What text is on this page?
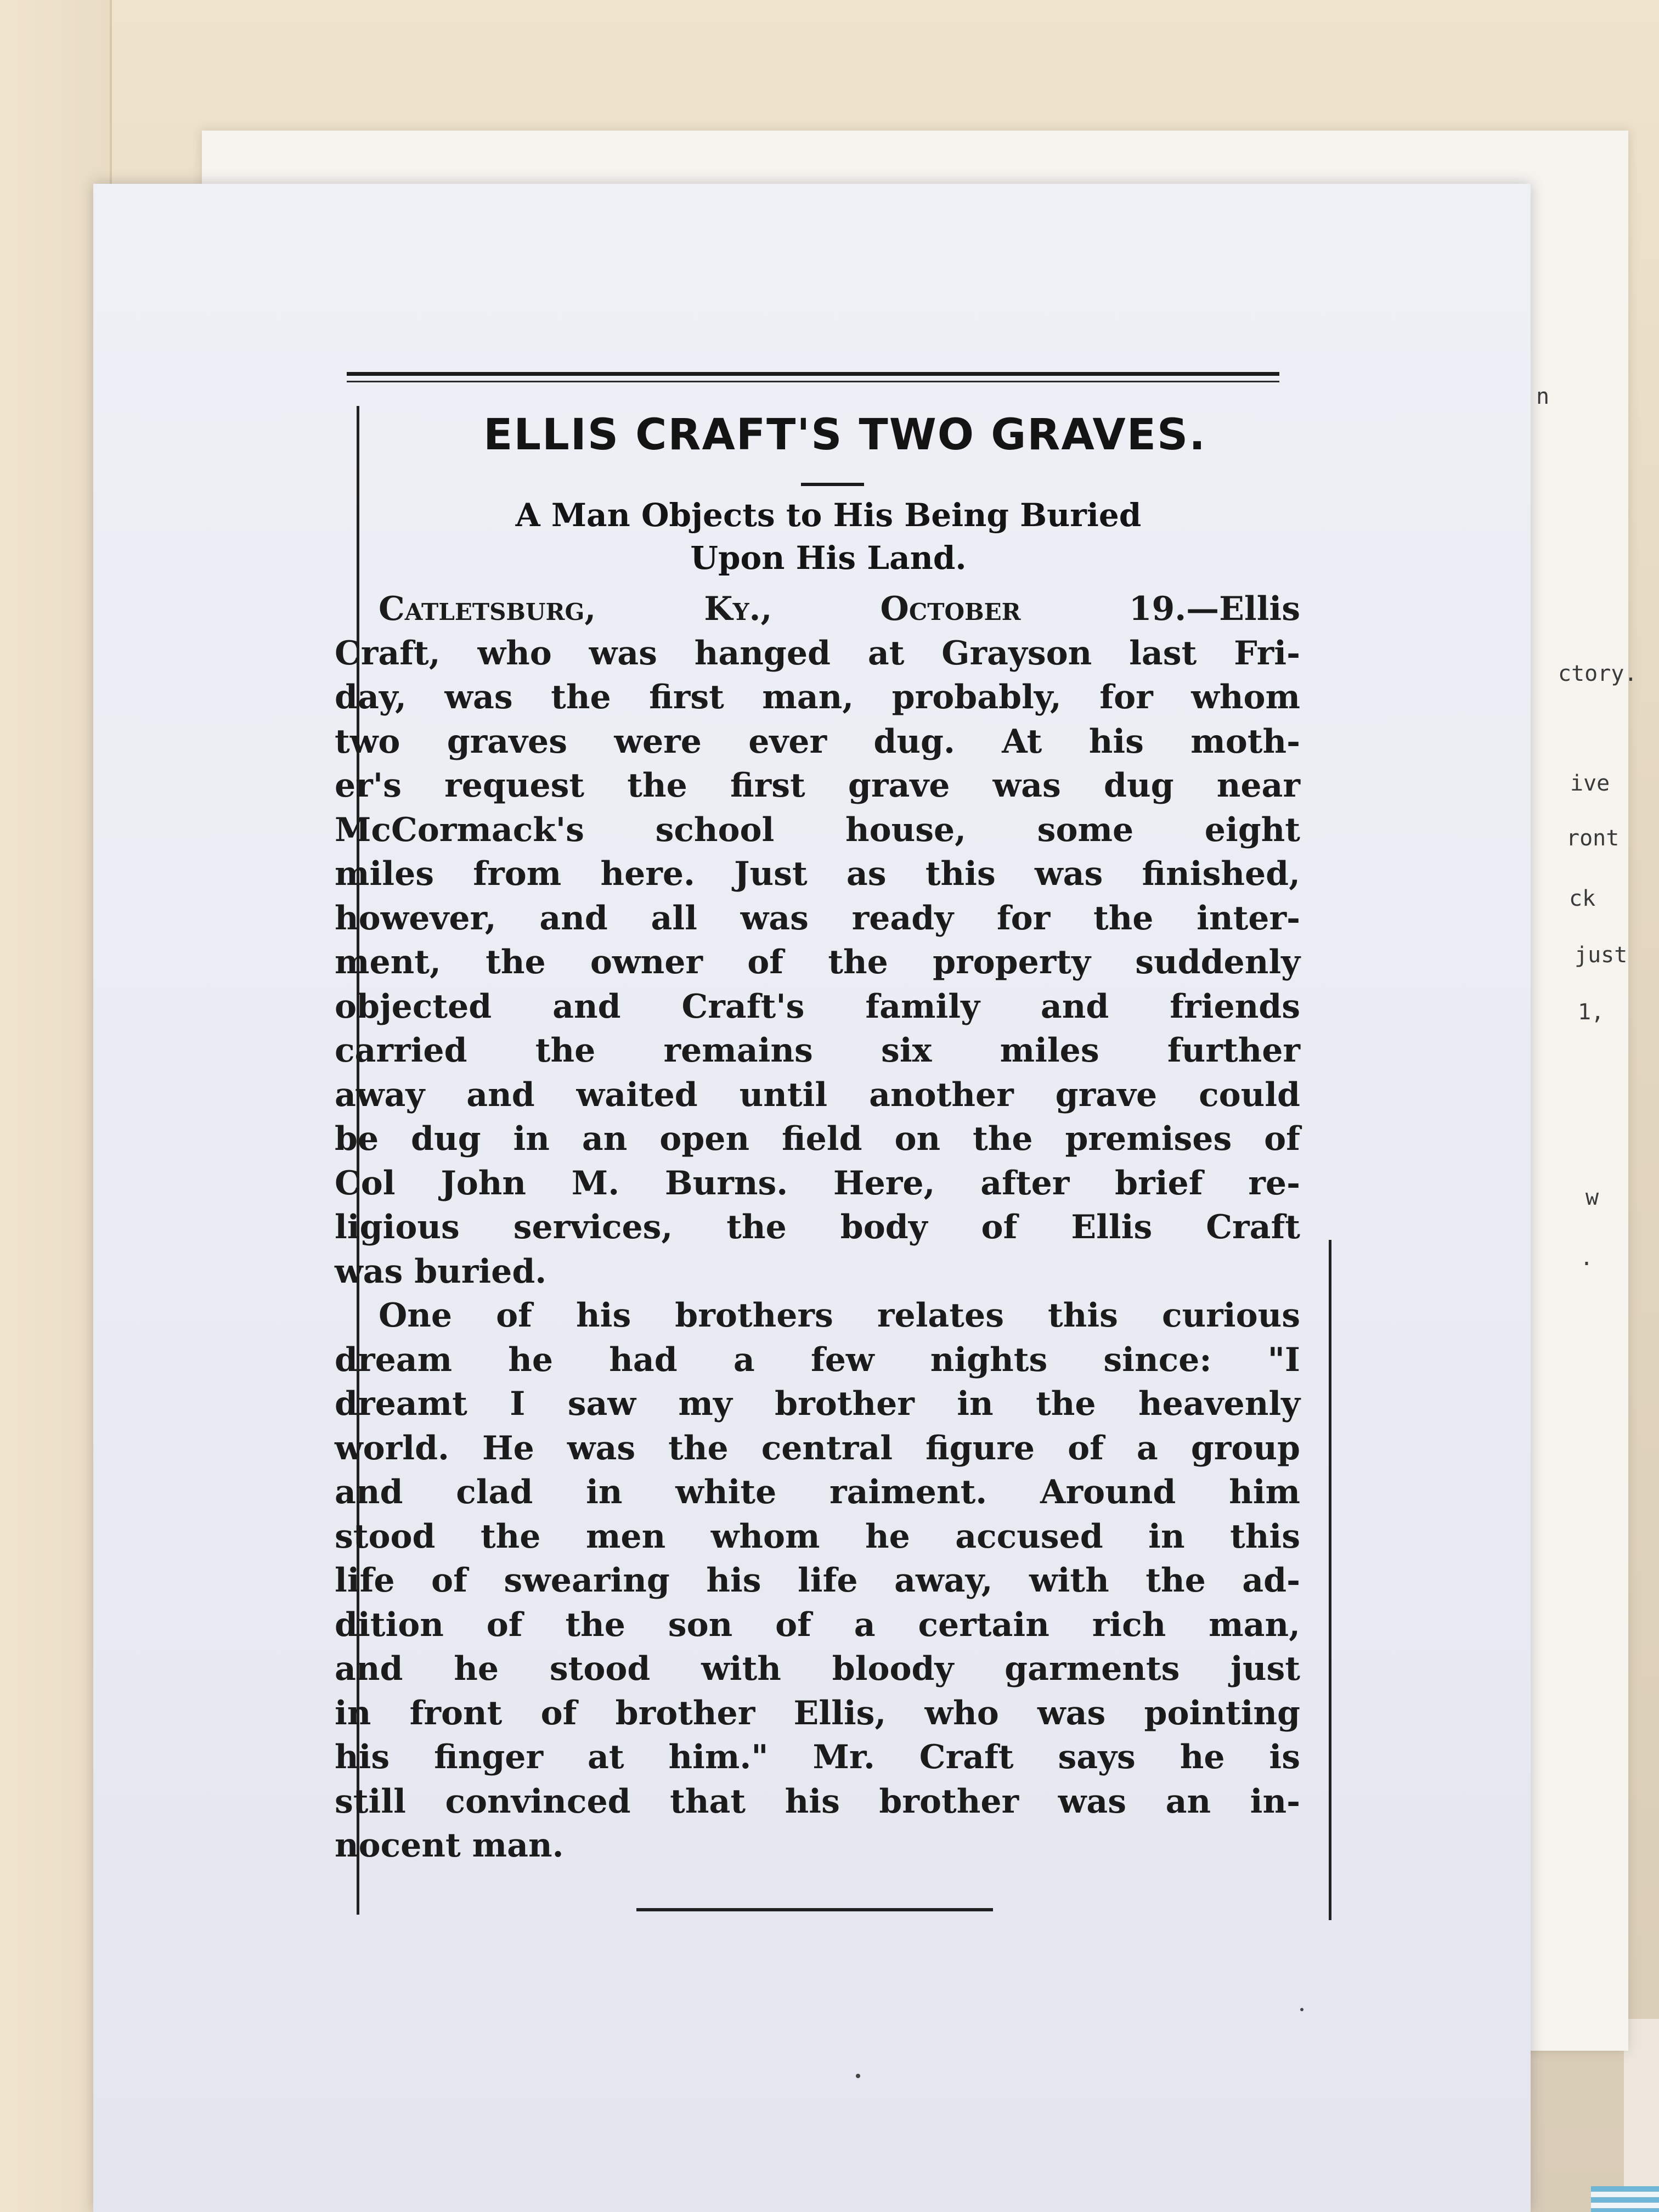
n
ctory.
ive
ront
ck
just
1,
w
.
ELLIS CRAFT'S TWO GRAVES.
A Man Objects to His Being Buried
Upon His Land.
Catletsburg, Ky., October 19.—Ellis
Craft, who was hanged at Grayson last Fri-
day, was the first man, probably, for whom
two graves were ever dug. At his moth-
er's request the first grave was dug near
McCormack's school house, some eight
miles from here. Just as this was finished,
however, and all was ready for the inter-
ment, the owner of the property suddenly
objected and Craft's family and friends
carried the remains six miles further
away and waited until another grave could
be dug in an open field on the premises of
Col John M. Burns. Here, after brief re-
ligious services, the body of Ellis Craft
was buried.
One of his brothers relates this curious
dream he had a few nights since: "I
dreamt I saw my brother in the heavenly
world. He was the central figure of a group
and clad in white raiment. Around him
stood the men whom he accused in this
life of swearing his life away, with the ad-
dition of the son of a certain rich man,
and he stood with bloody garments just
in front of brother Ellis, who was pointing
his finger at him." Mr. Craft says he is
still convinced that his brother was an in-
nocent man.
